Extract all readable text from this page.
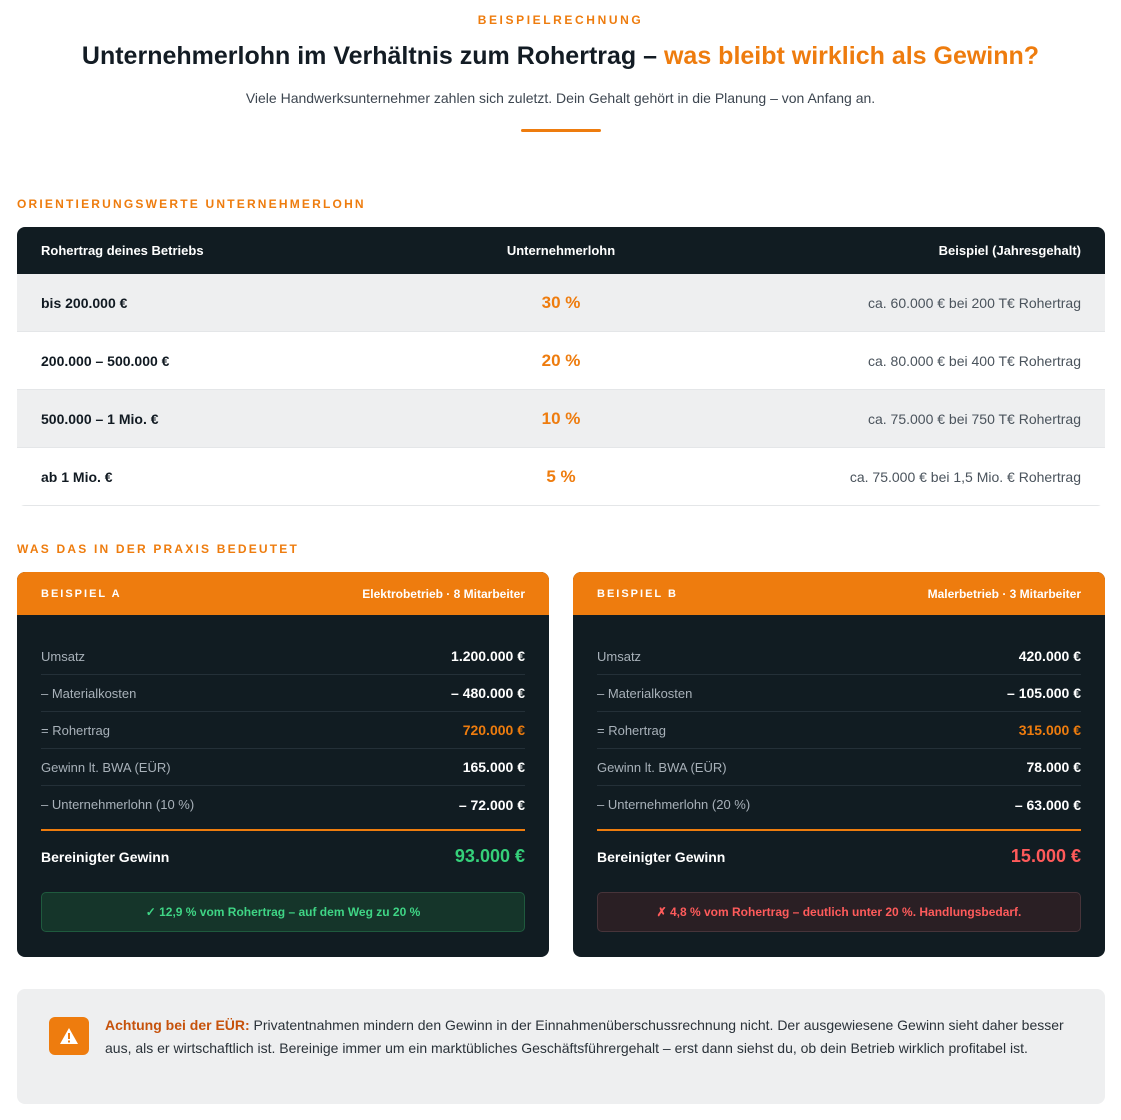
BEISPIELRECHNUNG
Unternehmerlohn im Verhältnis zum Rohertrag – was bleibt wirklich als Gewinn?

Viele Handwerksunternehmer zahlen sich zuletzt. Dein Gehalt gehört in die Planung – von Anfang an.

ORIENTIERUNGSWERTE UNTERNEHMERLOHN
Rohertrag deines Betriebs	Unternehmerlohn	Beispiel (Jahresgehalt)
bis 200.000 €	30 %	ca. 60.000 € bei 200 T€ Rohertrag
200.000 – 500.000 €	20 %	ca. 80.000 € bei 400 T€ Rohertrag
500.000 – 1 Mio. €	10 %	ca. 75.000 € bei 750 T€ Rohertrag
ab 1 Mio. €	5 %	ca. 75.000 € bei 1,5 Mio. € Rohertrag
WAS DAS IN DER PRAXIS BEDEUTET
BEISPIEL A	Elektrobetrieb · 8 Mitarbeiter
Umsatz	1.200.000 €
– Materialkosten	– 480.000 €
= Rohertrag	720.000 €
Gewinn lt. BWA (EÜR)	165.000 €
– Unternehmerlohn (10 %)	– 72.000 €
Bereinigter Gewinn	93.000 €
✓ 12,9 % vom Rohertrag – auf dem Weg zu 20 %
BEISPIEL B	Malerbetrieb · 3 Mitarbeiter
Umsatz	420.000 €
– Materialkosten	– 105.000 €
= Rohertrag	315.000 €
Gewinn lt. BWA (EÜR)	78.000 €
– Unternehmerlohn (20 %)	– 63.000 €
Bereinigter Gewinn	15.000 €
✗ 4,8 % vom Rohertrag – deutlich unter 20 %. Handlungsbedarf.

Achtung bei der EÜR: Privatentnahmen mindern den Gewinn in der Einnahmenüberschussrechnung nicht. Der ausgewiesene Gewinn sieht daher besser aus, als er wirtschaftlich ist. Bereinige immer um ein marktübliches Geschäftsführergehalt – erst dann siehst du, ob dein Betrieb wirklich profitabel ist.
